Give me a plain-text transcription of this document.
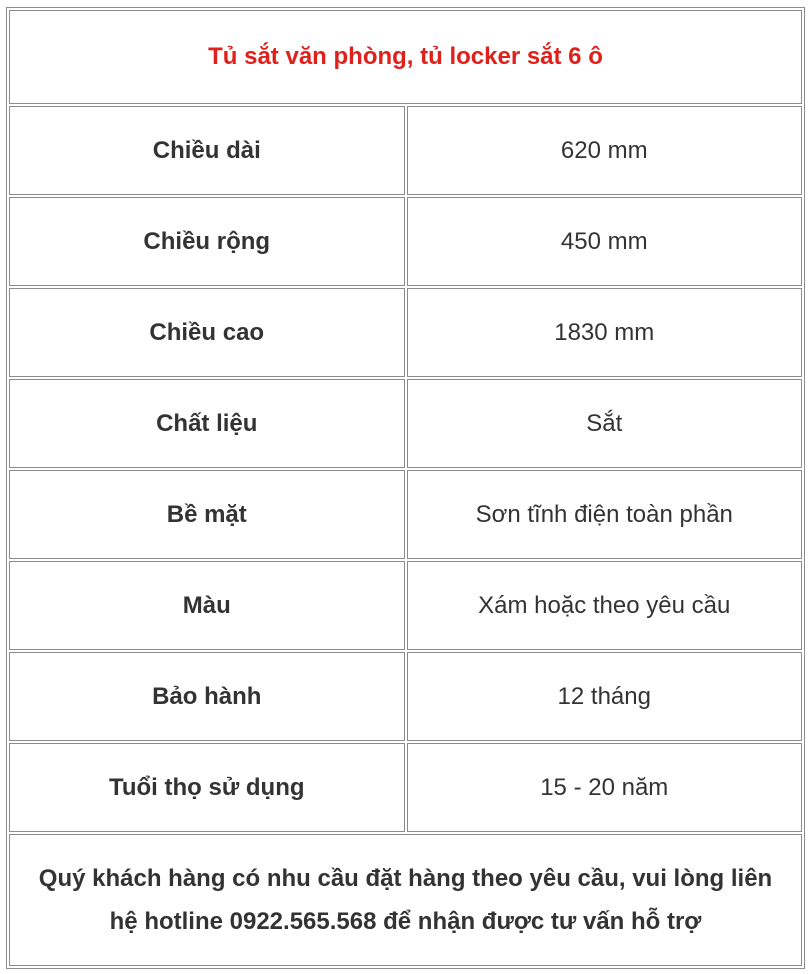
Tủ sắt văn phòng, tủ locker sắt 6 ô	
Chiều dài	620 mm
Chiều rộng	450 mm
Chiều cao	1830 mm
Chất liệu	Sắt
Bề mặt	Sơn tĩnh điện toàn phần
Màu	Xám hoặc theo yêu cầu
Bảo hành	12 tháng
Tuổi thọ sử dụng	15 - 20 năm
Quý khách hàng có nhu cầu đặt hàng theo yêu cầu, vui lòng liên
hệ hotline 0922.565.568 để nhận được tư vấn hỗ trợ	
